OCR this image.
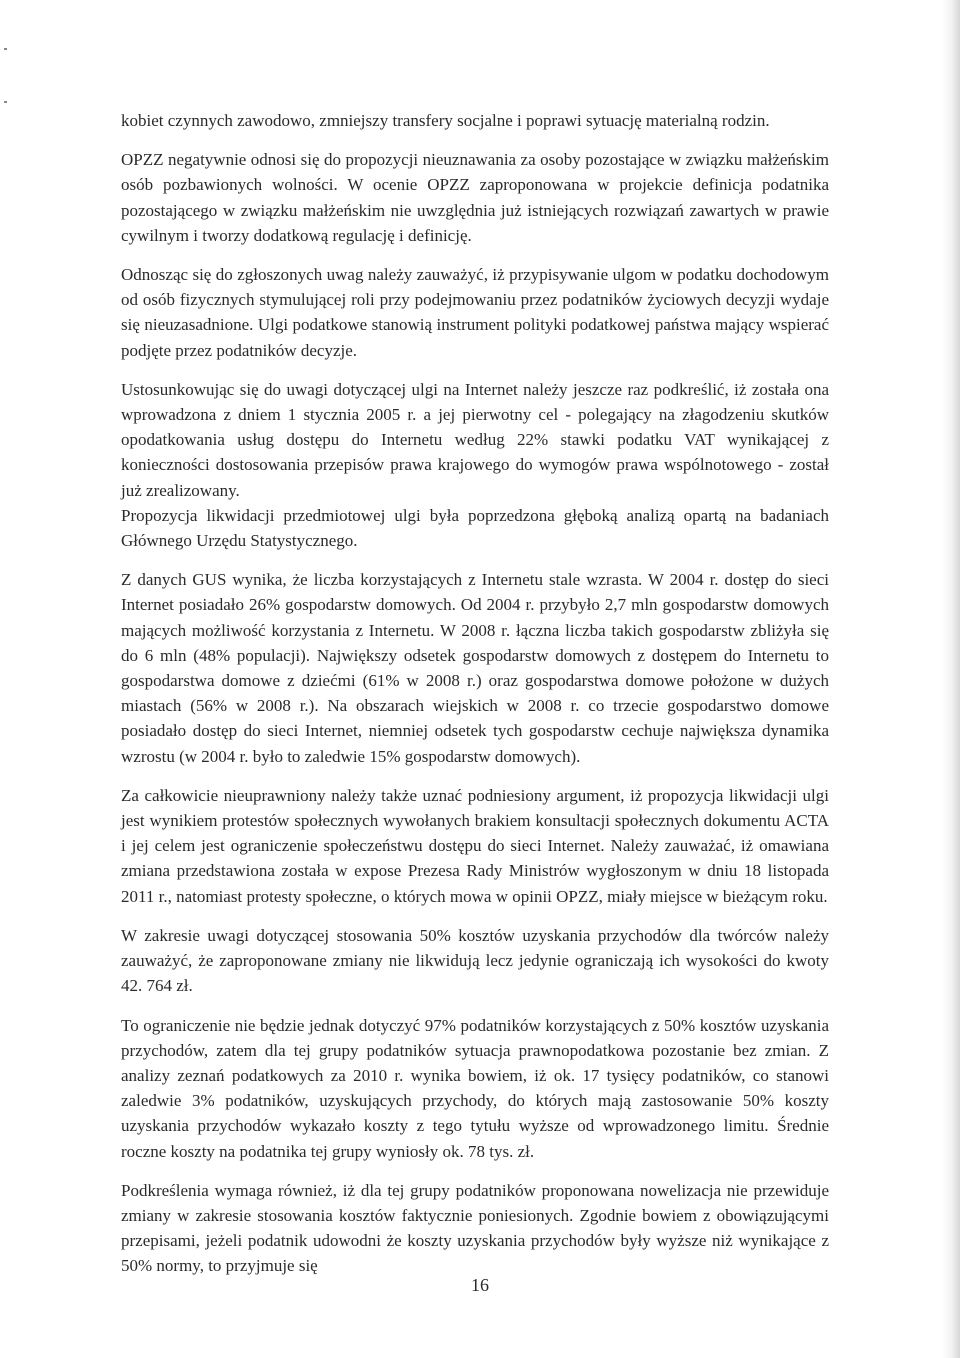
kobiet czynnych zawodowo, zmniejszy transfery socjalne i poprawi sytuację materialną rodzin.

OPZZ negatywnie odnosi się do propozycji nieuznawania za osoby pozostające w związku małżeńskim osób pozbawionych wolności. W ocenie OPZZ zaproponowana w projekcie definicja podatnika pozostającego w związku małżeńskim nie uwzględnia już istniejących rozwiązań zawartych w prawie cywilnym i tworzy dodatkową regulację i definicję.

Odnosząc się do zgłoszonych uwag należy zauważyć, iż przypisywanie ulgom w podatku dochodowym od osób fizycznych stymulującej roli przy podejmowaniu przez podatników życiowych decyzji wydaje się nieuzasadnione. Ulgi podatkowe stanowią instrument polityki podatkowej państwa mający wspierać podjęte przez podatników decyzje.

Ustosunkowując się do uwagi dotyczącej ulgi na Internet należy jeszcze raz podkreślić, iż została ona wprowadzona z dniem 1 stycznia 2005 r. a jej pierwotny cel - polegający na złagodzeniu skutków opodatkowania usług dostępu do Internetu według 22% stawki podatku VAT wynikającej z konieczności dostosowania przepisów prawa krajowego do wymogów prawa wspólnotowego - został już zrealizowany.

Propozycja likwidacji przedmiotowej ulgi była poprzedzona głęboką analizą opartą na badaniach Głównego Urzędu Statystycznego.

Z danych GUS wynika, że liczba korzystających z Internetu stale wzrasta. W 2004 r. dostęp do sieci Internet posiadało 26% gospodarstw domowych. Od 2004 r. przybyło 2,7 mln gospodarstw domowych mających możliwość korzystania z Internetu. W 2008 r. łączna liczba takich gospodarstw zbliżyła się do 6 mln (48% populacji). Największy odsetek gospodarstw domowych z dostępem do Internetu to gospodarstwa domowe z dziećmi (61% w 2008 r.) oraz gospodarstwa domowe położone w dużych miastach (56% w 2008 r.). Na obszarach wiejskich w 2008 r. co trzecie gospodarstwo domowe posiadało dostęp do sieci Internet, niemniej odsetek tych gospodarstw cechuje największa dynamika wzrostu (w 2004 r. było to zaledwie 15% gospodarstw domowych).

Za całkowicie nieuprawniony należy także uznać podniesiony argument, iż propozycja likwidacji ulgi jest wynikiem protestów społecznych wywołanych brakiem konsultacji społecznych dokumentu ACTA i jej celem jest ograniczenie społeczeństwu dostępu do sieci Internet. Należy zauważać, iż omawiana zmiana przedstawiona została w expose Prezesa Rady Ministrów wygłoszonym w dniu 18 listopada 2011 r., natomiast protesty społeczne, o których mowa w opinii OPZZ, miały miejsce w bieżącym roku.

W zakresie uwagi dotyczącej stosowania 50% kosztów uzyskania przychodów dla twórców należy zauważyć, że zaproponowane zmiany nie likwidują lecz jedynie ograniczają ich wysokości do kwoty 42. 764 zł.

To ograniczenie nie będzie jednak dotyczyć 97% podatników korzystających z 50% kosztów uzyskania przychodów, zatem dla tej grupy podatników sytuacja prawnopodatkowa pozostanie bez zmian. Z analizy zeznań podatkowych za 2010 r. wynika bowiem, iż ok. 17 tysięcy podatników, co stanowi zaledwie 3% podatników, uzyskujących przychody, do których mają zastosowanie 50% koszty uzyskania przychodów wykazało koszty z tego tytułu wyższe od wprowadzonego limitu. Średnie roczne koszty na podatnika tej grupy wyniosły ok. 78 tys. zł.

Podkreślenia wymaga również, iż dla tej grupy podatników proponowana nowelizacja nie przewiduje zmiany w zakresie stosowania kosztów faktycznie poniesionych. Zgodnie bowiem z obowiązującymi przepisami, jeżeli podatnik udowodni że koszty uzyskania przychodów były wyższe niż wynikające z 50% normy, to przyjmuje się

16
